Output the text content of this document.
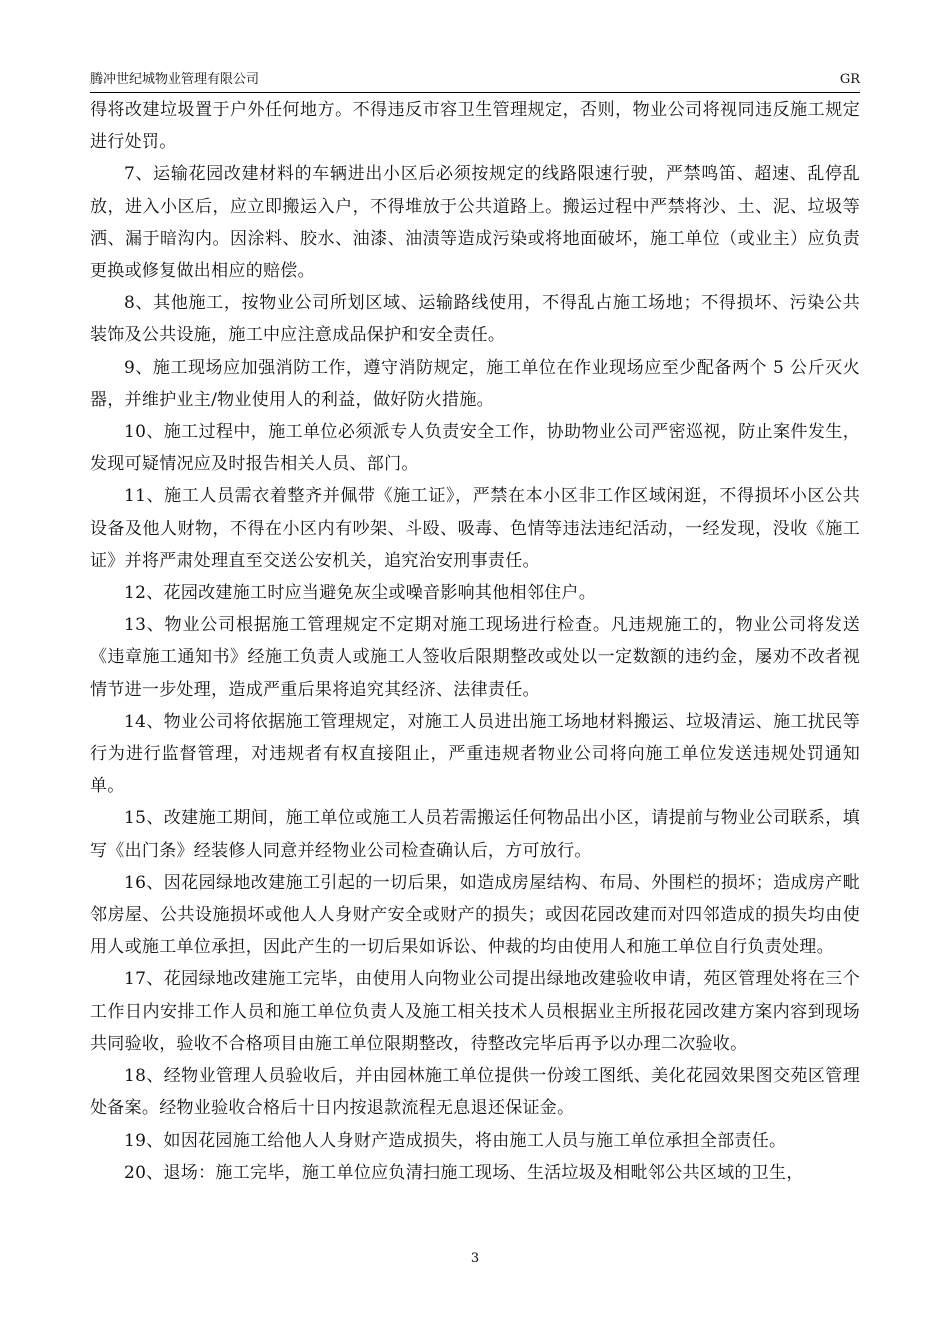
腾冲世纪城物业管理有限公司	GR

得将改建垃圾置于户外任何地方。不得违反市容卫生管理规定，否则，物业公司将视同违反施工规定进行处罚。

7、运输花园改建材料的车辆进出小区后必须按规定的线路限速行驶，严禁鸣笛、超速、乱停乱放，进入小区后，应立即搬运入户，不得堆放于公共道路上。搬运过程中严禁将沙、土、泥、垃圾等洒、漏于暗沟内。因涂料、胶水、油漆、油渍等造成污染或将地面破坏，施工单位（或业主）应负责更换或修复做出相应的赔偿。

8、其他施工，按物业公司所划区域、运输路线使用，不得乱占施工场地；不得损坏、污染公共装饰及公共设施，施工中应注意成品保护和安全责任。

9、施工现场应加强消防工作，遵守消防规定，施工单位在作业现场应至少配备两个 5 公斤灭火器，并维护业主/物业使用人的利益，做好防火措施。

10、施工过程中，施工单位必须派专人负责安全工作，协助物业公司严密巡视，防止案件发生，发现可疑情况应及时报告相关人员、部门。

11、施工人员需衣着整齐并佩带《施工证》，严禁在本小区非工作区域闲逛，不得损坏小区公共设备及他人财物，不得在小区内有吵架、斗殴、吸毒、色情等违法违纪活动，一经发现，没收《施工证》并将严肃处理直至交送公安机关，追究治安刑事责任。

12、花园改建施工时应当避免灰尘或噪音影响其他相邻住户。

13、物业公司根据施工管理规定不定期对施工现场进行检查。凡违规施工的，物业公司将发送《违章施工通知书》经施工负责人或施工人签收后限期整改或处以一定数额的违约金，屡劝不改者视情节进一步处理，造成严重后果将追究其经济、法律责任。

14、物业公司将依据施工管理规定，对施工人员进出施工场地材料搬运、垃圾清运、施工扰民等行为进行监督管理，对违规者有权直接阻止，严重违规者物业公司将向施工单位发送违规处罚通知单。

15、改建施工期间，施工单位或施工人员若需搬运任何物品出小区，请提前与物业公司联系，填写《出门条》经装修人同意并经物业公司检查确认后，方可放行。

16、因花园绿地改建施工引起的一切后果，如造成房屋结构、布局、外围栏的损坏；造成房产毗邻房屋、公共设施损坏或他人人身财产安全或财产的损失；或因花园改建而对四邻造成的损失均由使用人或施工单位承担，因此产生的一切后果如诉讼、仲裁的均由使用人和施工单位自行负责处理。

17、花园绿地改建施工完毕，由使用人向物业公司提出绿地改建验收申请，苑区管理处将在三个工作日内安排工作人员和施工单位负责人及施工相关技术人员根据业主所报花园改建方案内容到现场共同验收，验收不合格项目由施工单位限期整改，待整改完毕后再予以办理二次验收。

18、经物业管理人员验收后，并由园林施工单位提供一份竣工图纸、美化花园效果图交苑区管理处备案。经物业验收合格后十日内按退款流程无息退还保证金。

19、如因花园施工给他人人身财产造成损失，将由施工人员与施工单位承担全部责任。

20、退场：施工完毕，施工单位应负清扫施工现场、生活垃圾及相毗邻公共区域的卫生，

3
